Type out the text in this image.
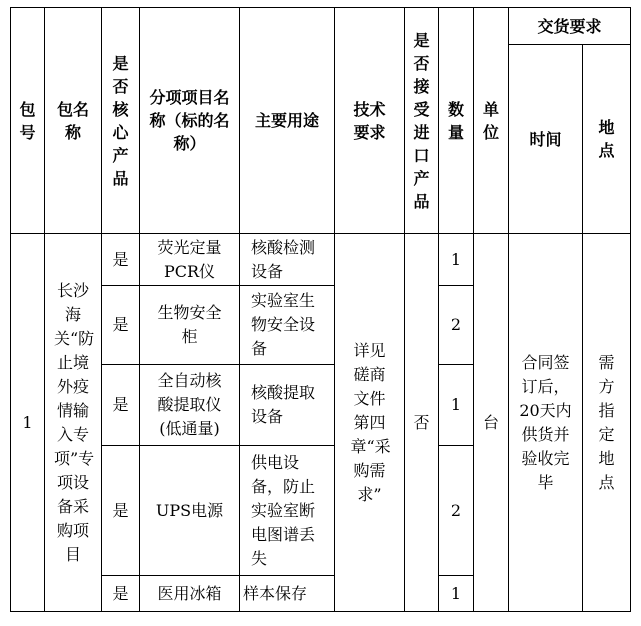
包号	包名称	是否核心产品	分项项目名称（标的名称）	主要用途	技术要求	是否接受进口产品	数量	单位	交货要求	
									时间	地点

1	长沙海关“防止境外疫情输入专项”专项设备采购项目	是	荧光定量PCR仪	核酸检测设备	详见磋商文件第四章“采购需求”	否	1	台	合同签订后，20天内供货并验收完毕	需方指定地点

		是	生物安全柜	实验室生物安全设备			2			
		是	全自动核酸提取仪(低通量)	核酸提取设备			1			
		是	UPS电源	供电设备，防止实验室断电图谱丢失			2			
		是	医用冰箱	样本保存			1			
